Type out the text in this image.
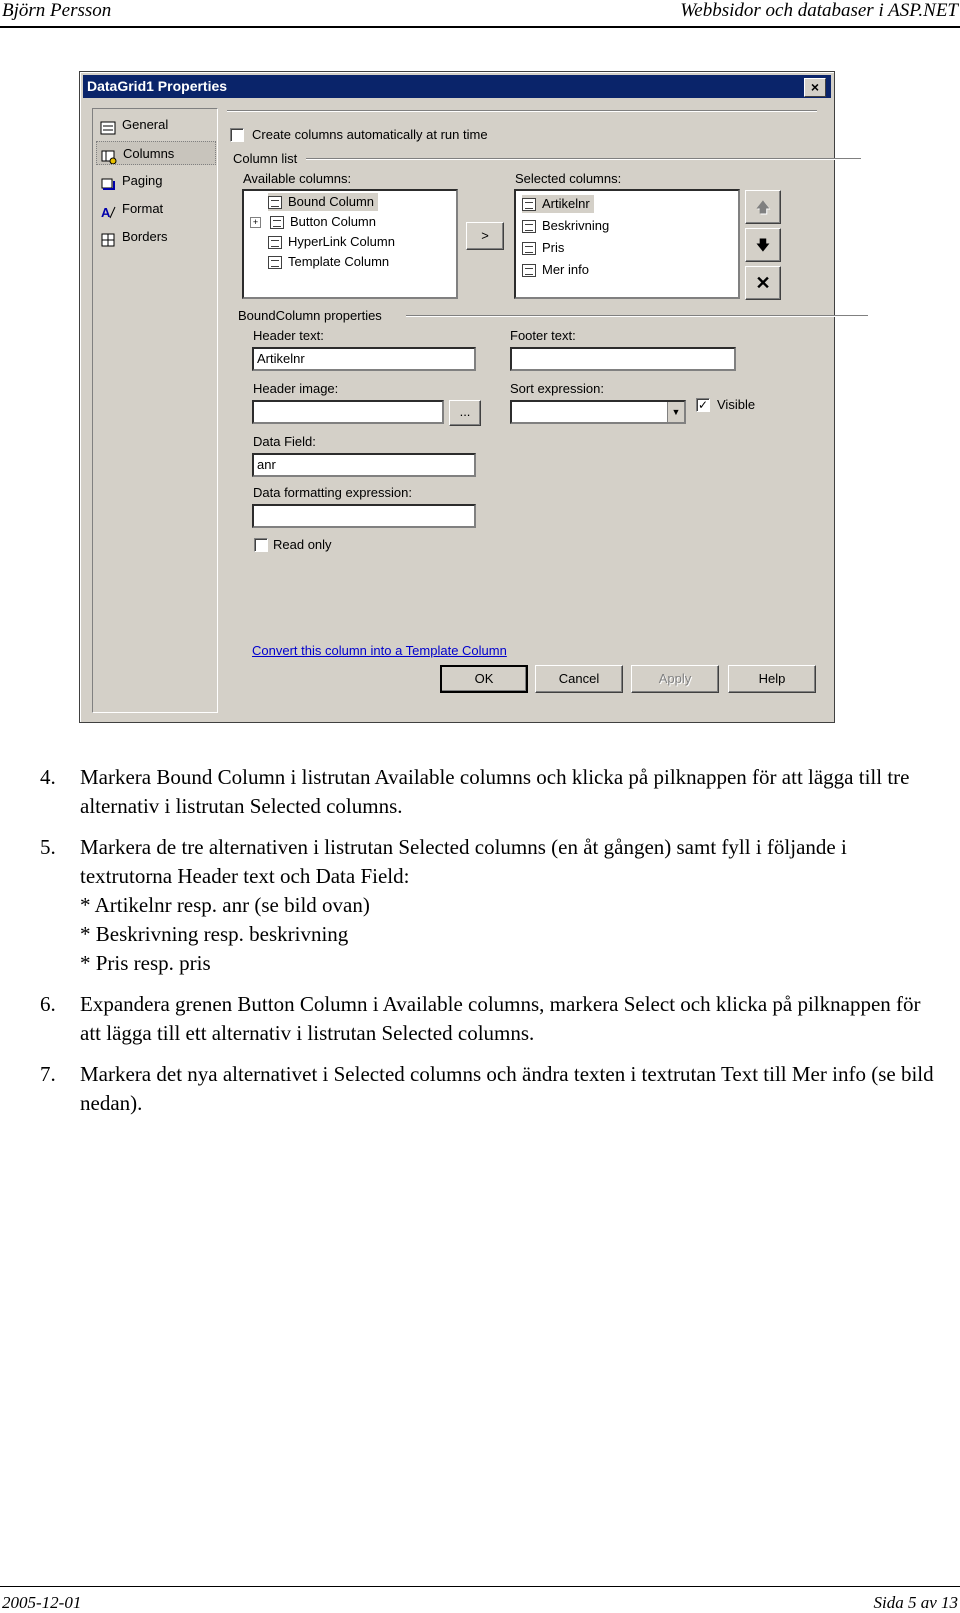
Björn Persson	Webbsidor och databaser i ASP.NET
DataGrid1 Properties	×
General
Columns
Paging
A Format
Borders
Create columns automatically at run time
Column list
Available columns:
Bound Column
+ Button Column
HyperLink Column
Template Column
>
Selected columns:
Artikelnr
Beskrivning
Pris
Mer info
🡅
🡇
✕
BoundColumn properties
Header text:
Artikelnr
Footer text:
Header image:
...
Sort expression:
▼ ✓ Visible
Data Field:
anr
Data formatting expression:
Read only
Convert this column into a Template Column
OK	Cancel	Apply	Help
4. Markera Bound Column i listrutan Available columns och klicka på pilknappen för att lägga till tre alternativ i listrutan Selected columns.
5. Markera de tre alternativen i listrutan Selected columns (en åt gången) samt fyll i följande i textrutorna Header text och Data Field:
* Artikelnr resp. anr (se bild ovan)
* Beskrivning resp. beskrivning
* Pris resp. pris
6. Expandera grenen Button Column i Available columns, markera Select och klicka på pilknappen för att lägga till ett alternativ i listrutan Selected columns.
7. Markera det nya alternativet i Selected columns och ändra texten i textrutan Text till Mer info (se bild nedan).
2005-12-01	Sida 5 av 13
